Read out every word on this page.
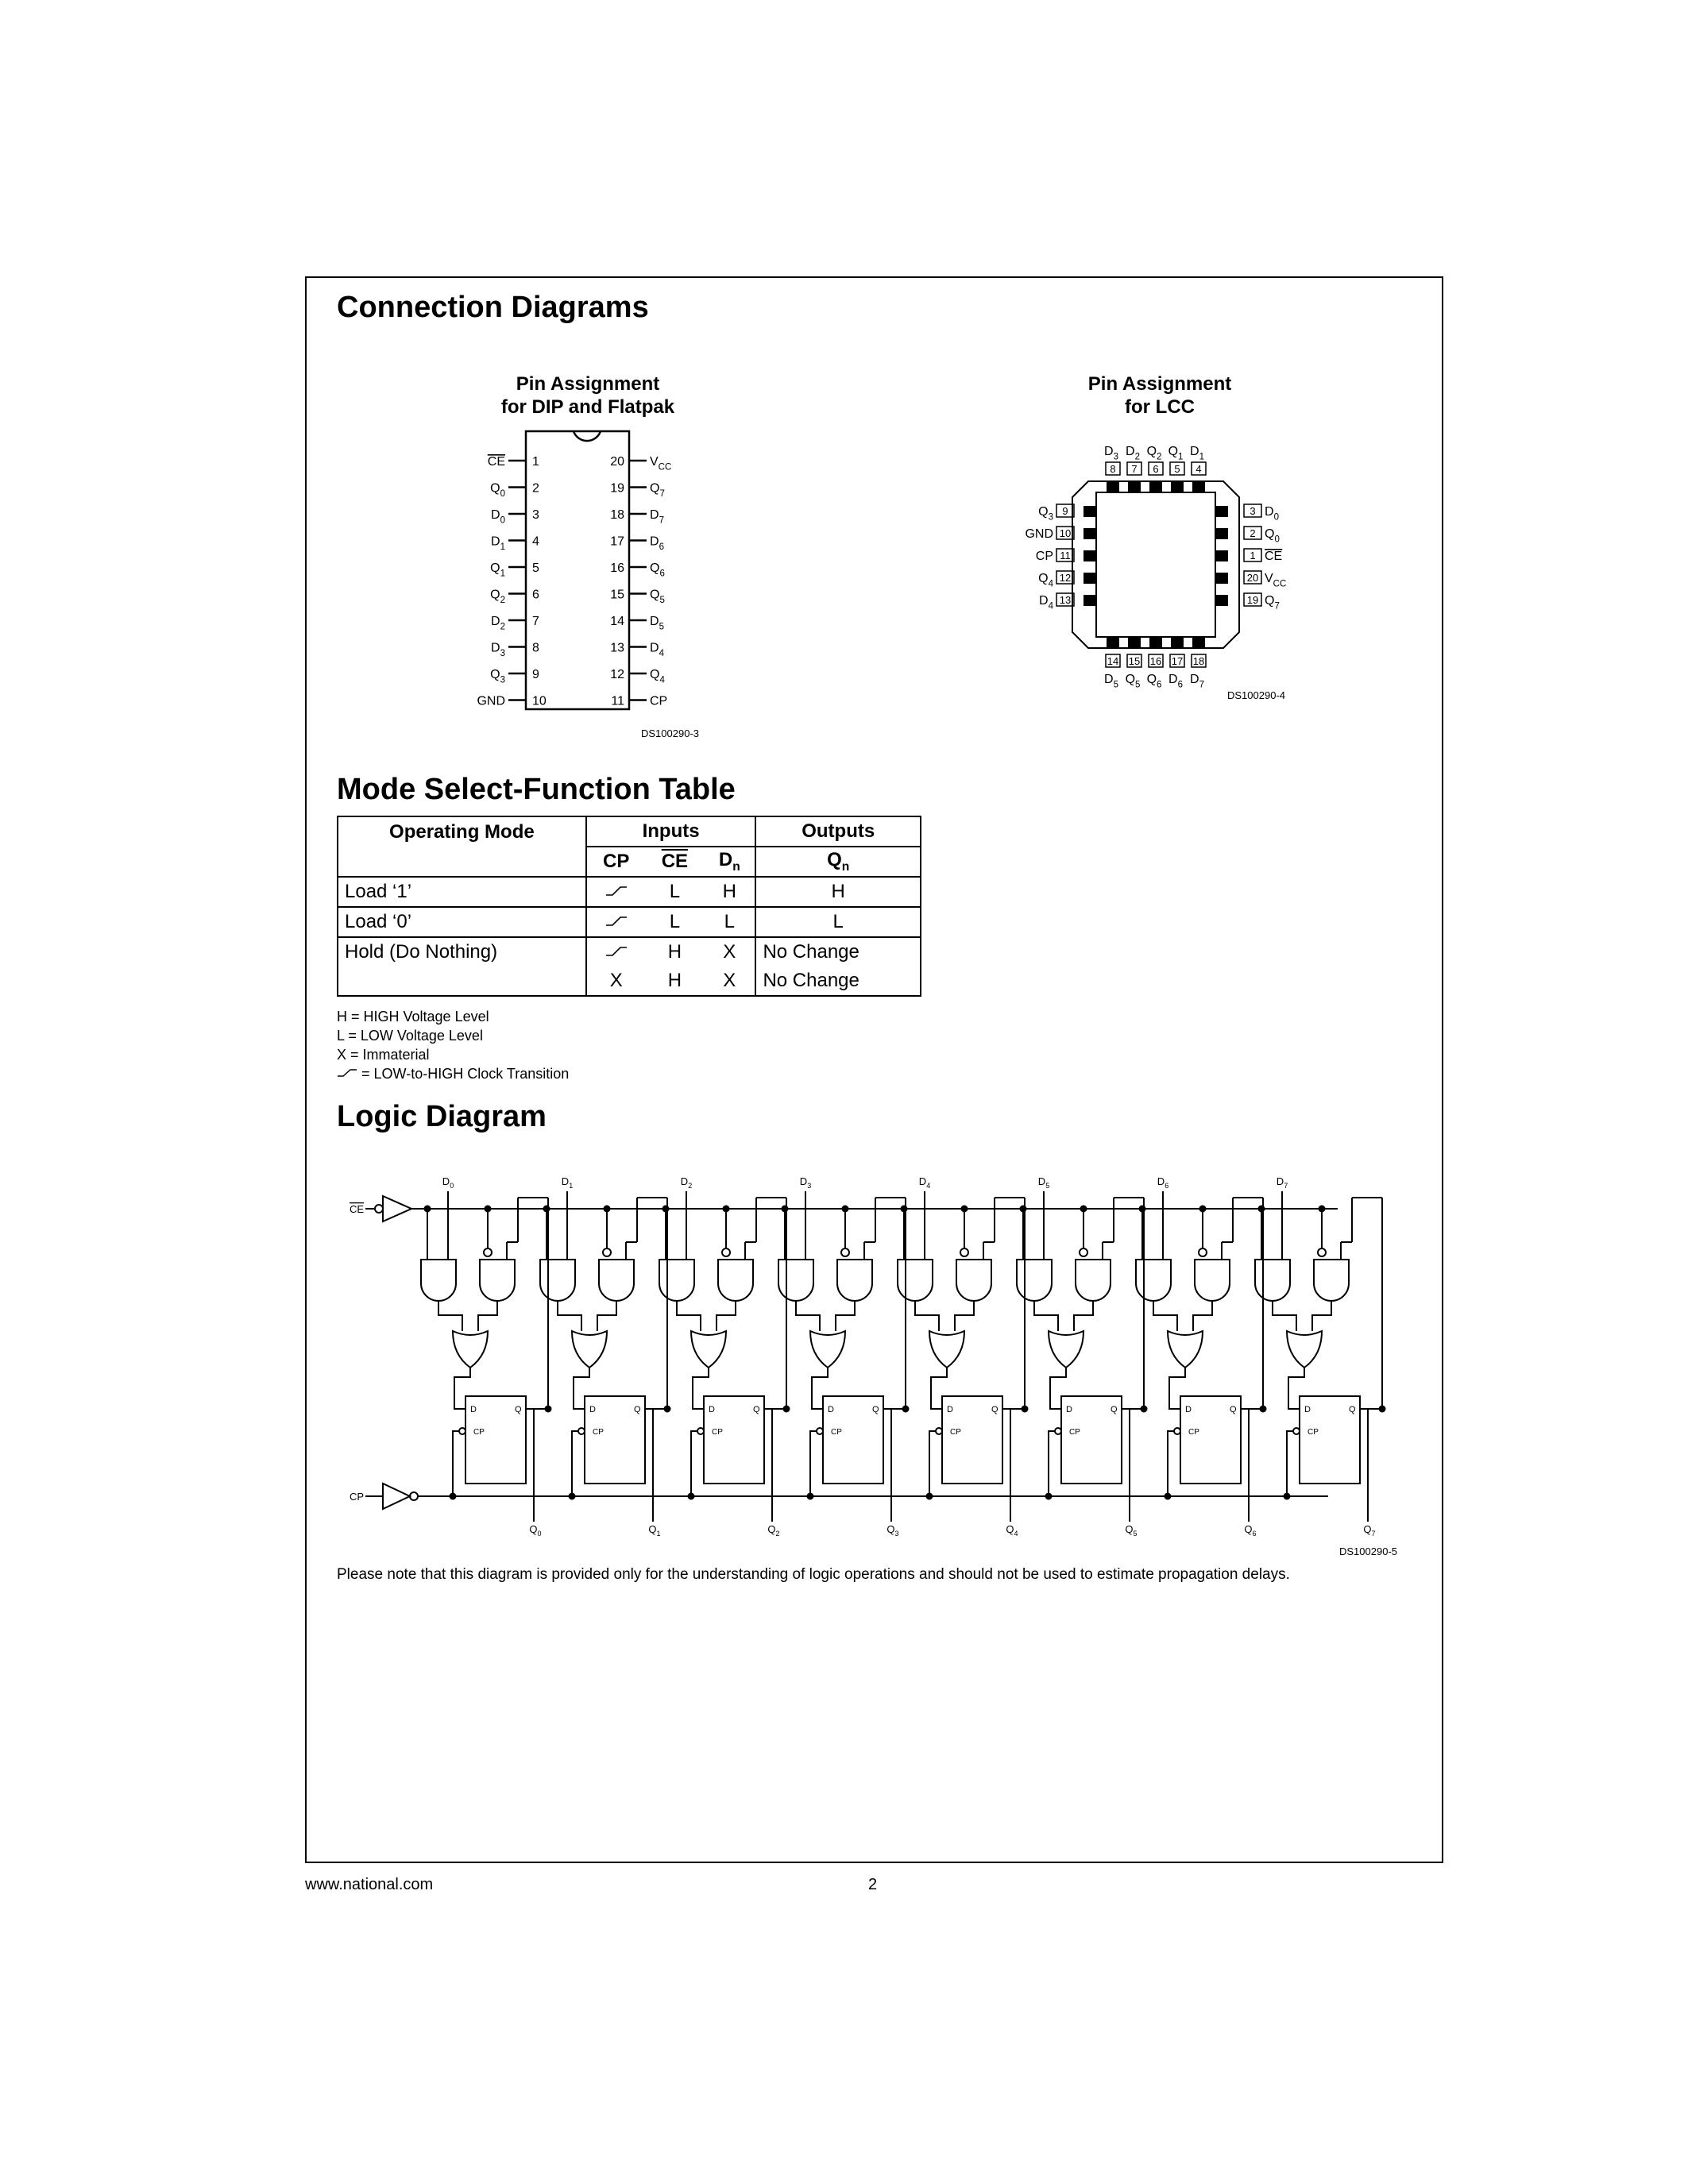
Connection Diagrams
Mode Select-Function Table
Logic Diagram
Pin Assignment
for DIP and Flatpak
Pin Assignment
for LCC
CE 1
$Q_0$ 2
$D_0$ 3
$D_1$ 4
$Q_1$ 5
$Q_2$ 6
$D_2$ 7
$D_3$ 8
$Q_3$ 9
GND 10
$V_{CC}$
20
$Q_7$
19
$D_7$
18
$D_6$
17
$Q_6$
16
$Q_5$
15
$D_5$
14
$D_4$
13
$Q_4$
12
CP
11
DS100290-3
8
$D_3$
7
$D_2$
6
$Q_2$
5
$Q_1$
4
$D_1$
14
$D_5$
15
$Q_5$
16
$Q_6$
17
$D_6$
18
$D_7$
9
$Q_3$
10
GND
11
CP
12
$Q_4$
13
$D_4$
3 $D_0$
2 $Q_0$
1 CE
20 $V_{CC}$
19 $Q_7$
DS100290-4
Operating Mode	Inputs			Outputs
	CP	$\overline{CE}$	$D_n$	$Q_n$
Load ‘1’		L	H	H
Load ‘0’		L	L	L
Hold (Do Nothing)		H	X	No Change
	X	H	X	No Change
H = HIGH Voltage Level
L = LOW Voltage Level
X = Immaterial
= LOW-to-HIGH Clock Transition
CE
CP
$D_0$
D	Q
CP
$Q_0$
$D_1$
D	Q
CP
$Q_1$
$D_2$
D	Q
CP
$Q_2$
$D_3$
D	Q
CP
$Q_3$
$D_4$
D	Q
CP
$Q_4$
$D_5$
D	Q
CP
$Q_5$
$D_6$
D	Q
CP
$Q_6$
$D_7$
D	Q
CP
$Q_7$
DS100290-5
Please note that this diagram is provided only for the understanding of logic operations and should not be used to estimate propagation delays.
www.national.com	2
